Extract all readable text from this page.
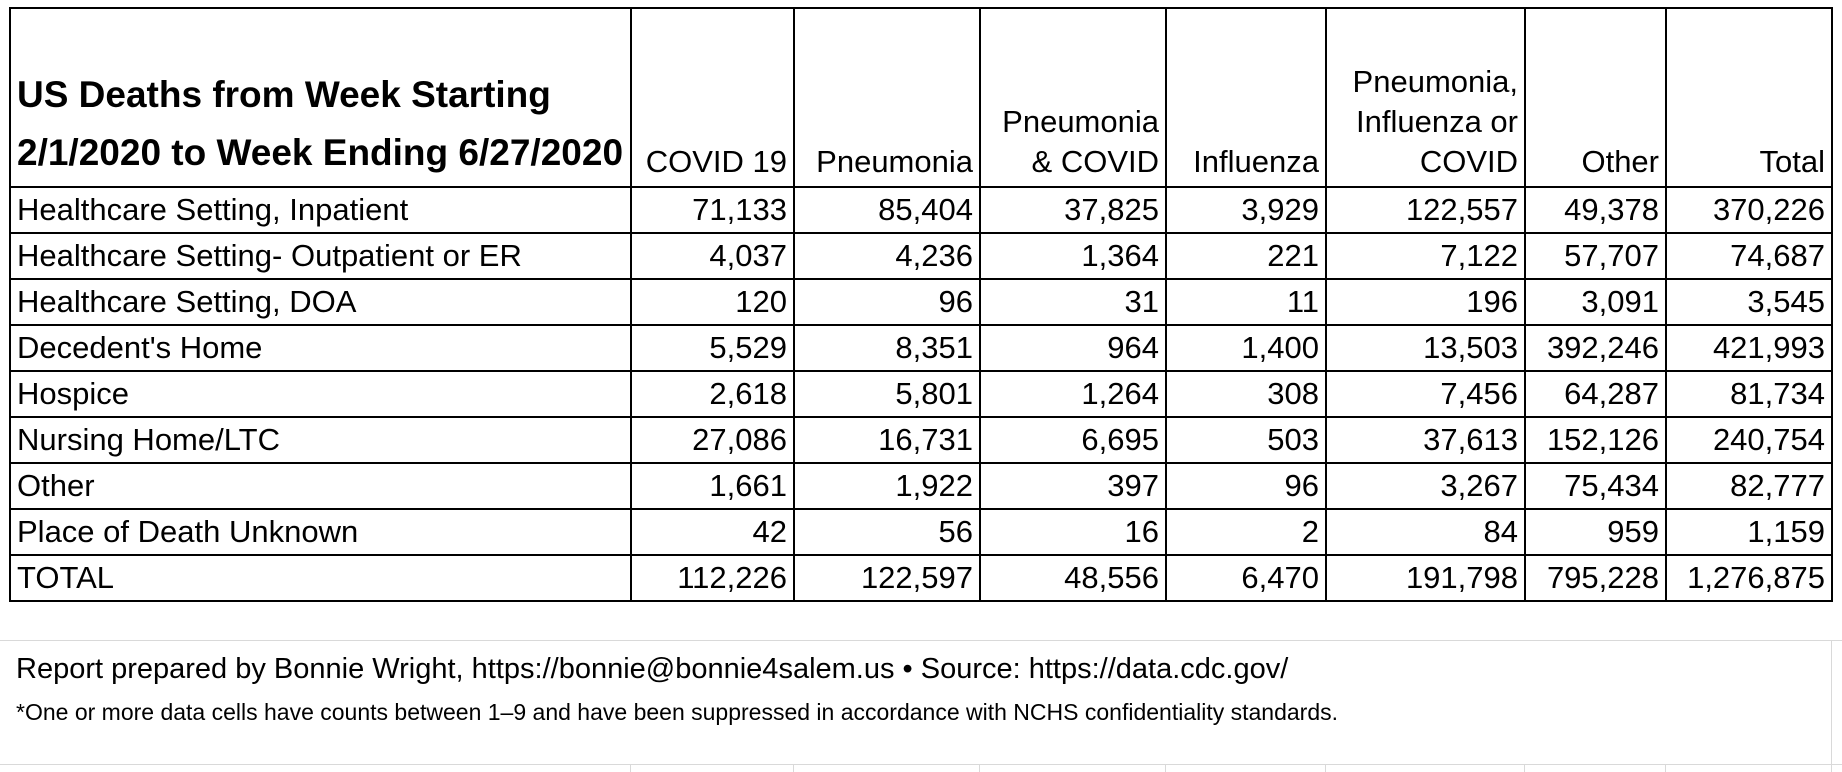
US Deaths from Week Starting 2/1/2020 to Week Ending 6/27/2020	COVID 19	Pneumonia	Pneumonia & COVID	Influenza	Pneumonia, Influenza or COVID	Other	Total
Healthcare Setting, Inpatient	71,133	85,404	37,825	3,929	122,557	49,378	370,226
Healthcare Setting- Outpatient or ER	4,037	4,236	1,364	221	7,122	57,707	74,687
Healthcare Setting, DOA	120	96	31	11	196	3,091	3,545
Decedent's Home	5,529	8,351	964	1,400	13,503	392,246	421,993
Hospice	2,618	5,801	1,264	308	7,456	64,287	81,734
Nursing Home/LTC	27,086	16,731	6,695	503	37,613	152,126	240,754
Other	1,661	1,922	397	96	3,267	75,434	82,777
Place of Death Unknown	42	56	16	2	84	959	1,159
TOTAL	112,226	122,597	48,556	6,470	191,798	795,228	1,276,875
Report prepared by Bonnie Wright, https://bonnie@bonnie4salem.us • Source: https://data.cdc.gov/
*One or more data cells have counts between 1–9 and have been suppressed in accordance with NCHS confidentiality standards.
